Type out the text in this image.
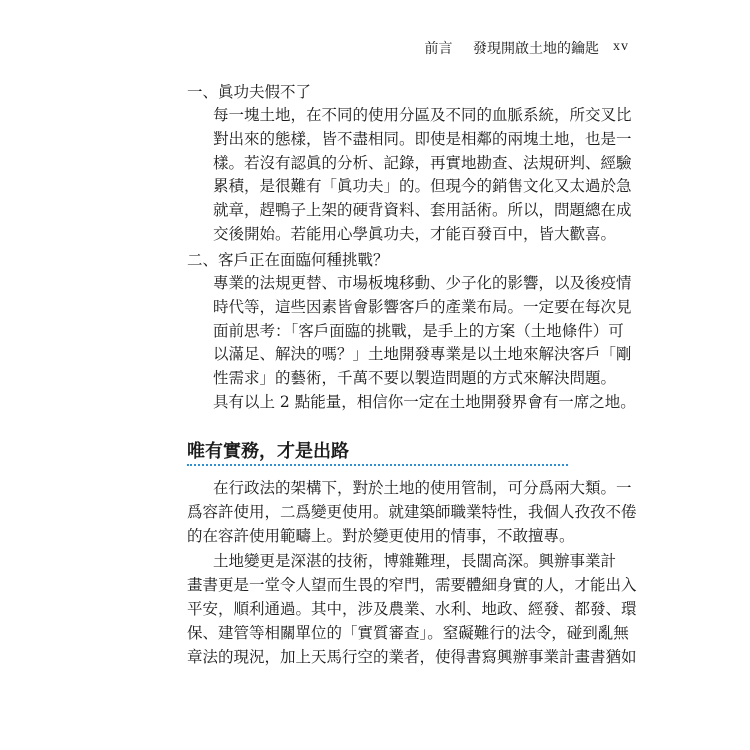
前言 發現開啟土地的鑰匙 xv
一、眞功夫假不了
每一塊土地，在不同的使用分區及不同的血脈系統，所交叉比
對出來的態樣，皆不盡相同。即使是相鄰的兩塊土地，也是一
樣。若沒有認眞的分析、記錄，再實地勘查、法規研判、經驗
累積，是很難有「眞功夫」的。但現今的銷售文化又太過於急
就章，趕鴨子上架的硬背資料、套用話術。所以，問題總在成
交後開始。若能用心學眞功夫，才能百發百中，皆大歡喜。
二、客戶正在面臨何種挑戰？
專業的法規更替、市場板塊移動、少子化的影響，以及後疫情
時代等，這些因素皆會影響客戶的產業布局。一定要在每次見
面前思考：「客戶面臨的挑戰，是手上的方案（土地條件）可
以滿足、解決的嗎？」土地開發專業是以土地來解決客戶「剛
性需求」的藝術，千萬不要以製造問題的方式來解決問題。
具有以上 2 點能量，相信你一定在土地開發界會有一席之地。
唯有實務，才是出路
在行政法的架構下，對於土地的使用管制，可分爲兩大類。一
爲容許使用，二爲變更使用。就建築師職業特性，我個人孜孜不倦
的在容許使用範疇上。對於變更使用的情事，不敢擅專。
土地變更是深湛的技術，博雜難理，長闊高深。興辦事業計
畫書更是一堂令人望而生畏的窄門，需要體細身實的人，才能出入
平安，順利通過。其中，涉及農業、水利、地政、經發、都發、環
保、建管等相關單位的「實質審查」。窒礙難行的法令，碰到亂無
章法的現況，加上天馬行空的業者，使得書寫興辦事業計畫書猶如
